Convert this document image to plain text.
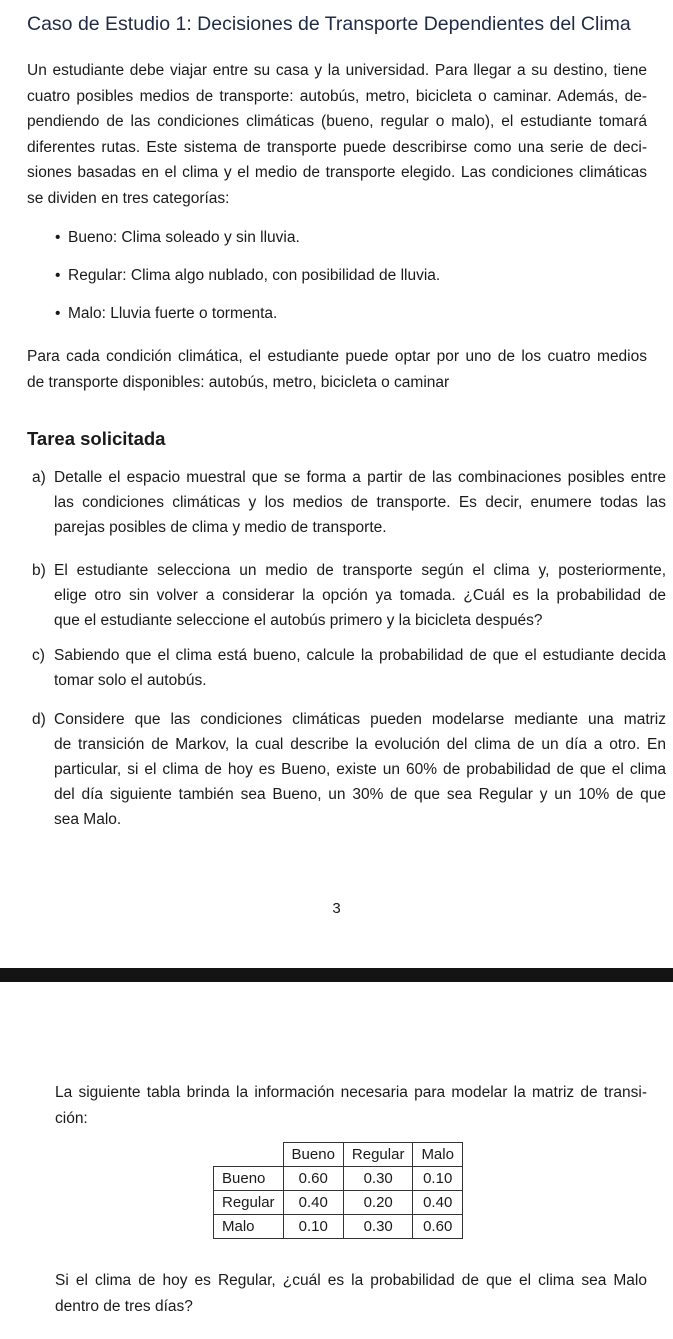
Caso de Estudio 1: Decisiones de Transporte Dependientes del Clima
Un estudiante debe viajar entre su casa y la universidad. Para llegar a su destino, tiene
cuatro posibles medios de transporte: autobús, metro, bicicleta o caminar. Además, de-
pendiendo de las condiciones climáticas (bueno, regular o malo), el estudiante tomará
diferentes rutas. Este sistema de transporte puede describirse como una serie de deci-
siones basadas en el clima y el medio de transporte elegido. Las condiciones climáticas
se dividen en tres categorías:
• Bueno: Clima soleado y sin lluvia.
• Regular: Clima algo nublado, con posibilidad de lluvia.
• Malo: Lluvia fuerte o tormenta.
Para cada condición climática, el estudiante puede optar por uno de los cuatro medios
de transporte disponibles: autobús, metro, bicicleta o caminar
Tarea solicitada
a) Detalle el espacio muestral que se forma a partir de las combinaciones posibles entre
las condiciones climáticas y los medios de transporte. Es decir, enumere todas las
parejas posibles de clima y medio de transporte.
b) El estudiante selecciona un medio de transporte según el clima y, posteriormente,
elige otro sin volver a considerar la opción ya tomada. ¿Cuál es la probabilidad de
que el estudiante seleccione el autobús primero y la bicicleta después?
c) Sabiendo que el clima está bueno, calcule la probabilidad de que el estudiante decida
tomar solo el autobús.
d) Considere que las condiciones climáticas pueden modelarse mediante una matriz
de transición de Markov, la cual describe la evolución del clima de un día a otro. En
particular, si el clima de hoy es Bueno, existe un 60% de probabilidad de que el clima
del día siguiente también sea Bueno, un 30% de que sea Regular y un 10% de que
sea Malo.
3
La siguiente tabla brinda la información necesaria para modelar la matriz de transi-
ción:
	Bueno	Regular	Malo
Bueno	0.60	0.30	0.10
Regular	0.40	0.20	0.40
Malo	0.10	0.30	0.60
Si el clima de hoy es Regular, ¿cuál es la probabilidad de que el clima sea Malo
dentro de tres días?
